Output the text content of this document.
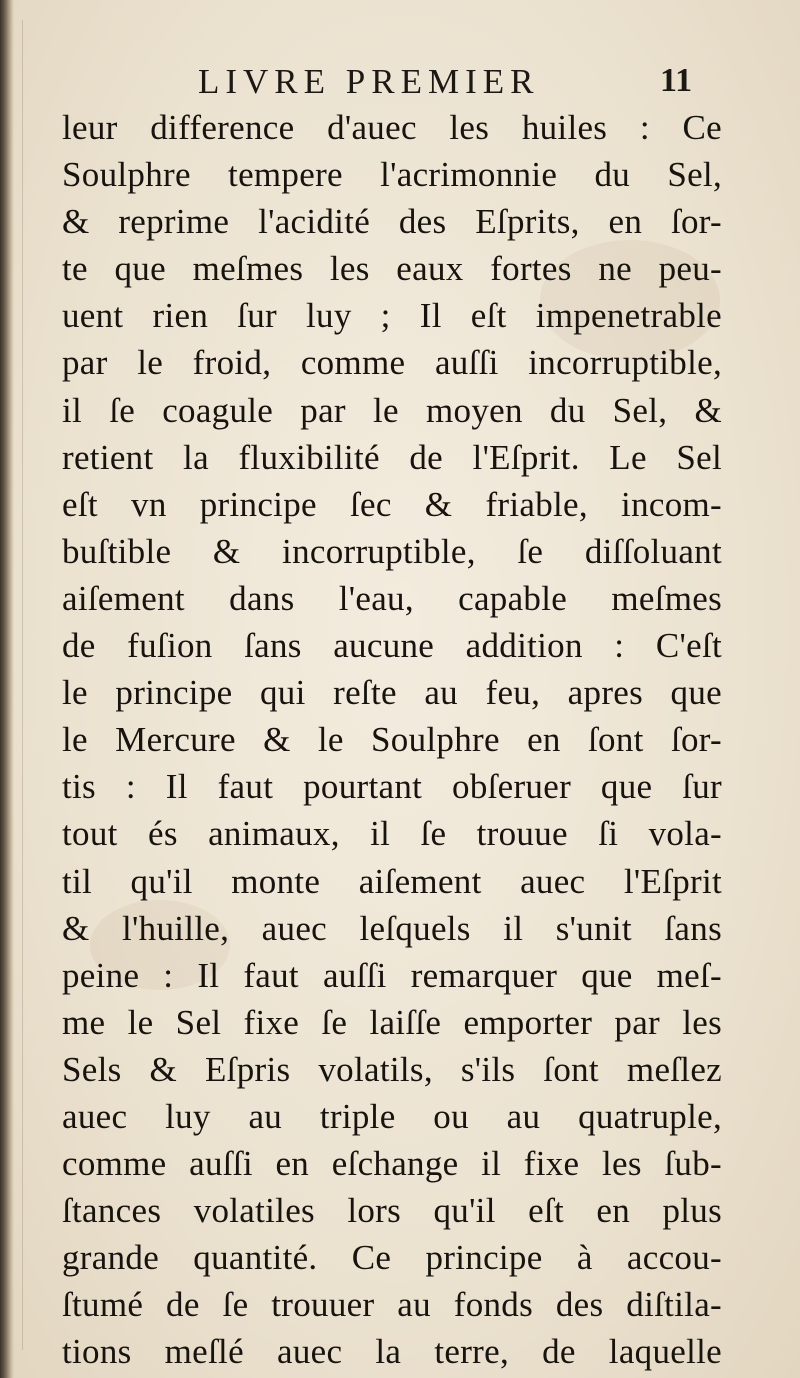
LIVRE PREMIER	11
leur difference d'auec les huiles : Ce
Soulphre tempere l'acrimonnie du Sel,
& reprime l'acidité des Eſprits, en ſor-
te que meſmes les eaux fortes ne peu-
uent rien ſur luy ; Il eſt impenetrable
par le froid, comme auſſi incorruptible,
il ſe coagule par le moyen du Sel, &
retient la fluxibilité de l'Eſprit. Le Sel
eſt vn principe ſec & friable, incom-
buſtible & incorruptible, ſe diſſoluant
aiſement dans l'eau, capable meſmes
de fuſion ſans aucune addition : C'eſt
le principe qui reſte au feu, apres que
le Mercure & le Soulphre en ſont ſor-
tis : Il faut pourtant obſeruer que ſur
tout és animaux, il ſe trouue ſi vola-
til qu'il monte aiſement auec l'Eſprit
& l'huille, auec leſquels il s'unit ſans
peine : Il faut auſſi remarquer que meſ-
me le Sel fixe ſe laiſſe emporter par les
Sels & Eſpris volatils, s'ils ſont meſlez
auec luy au triple ou au quatruple,
comme auſſi en eſchange il fixe les ſub-
ſtances volatiles lors qu'il eſt en plus
grande quantité. Ce principe à accou-
ſtumé de ſe trouuer au fonds des diſtila-
tions meſlé auec la terre, de laquelle
